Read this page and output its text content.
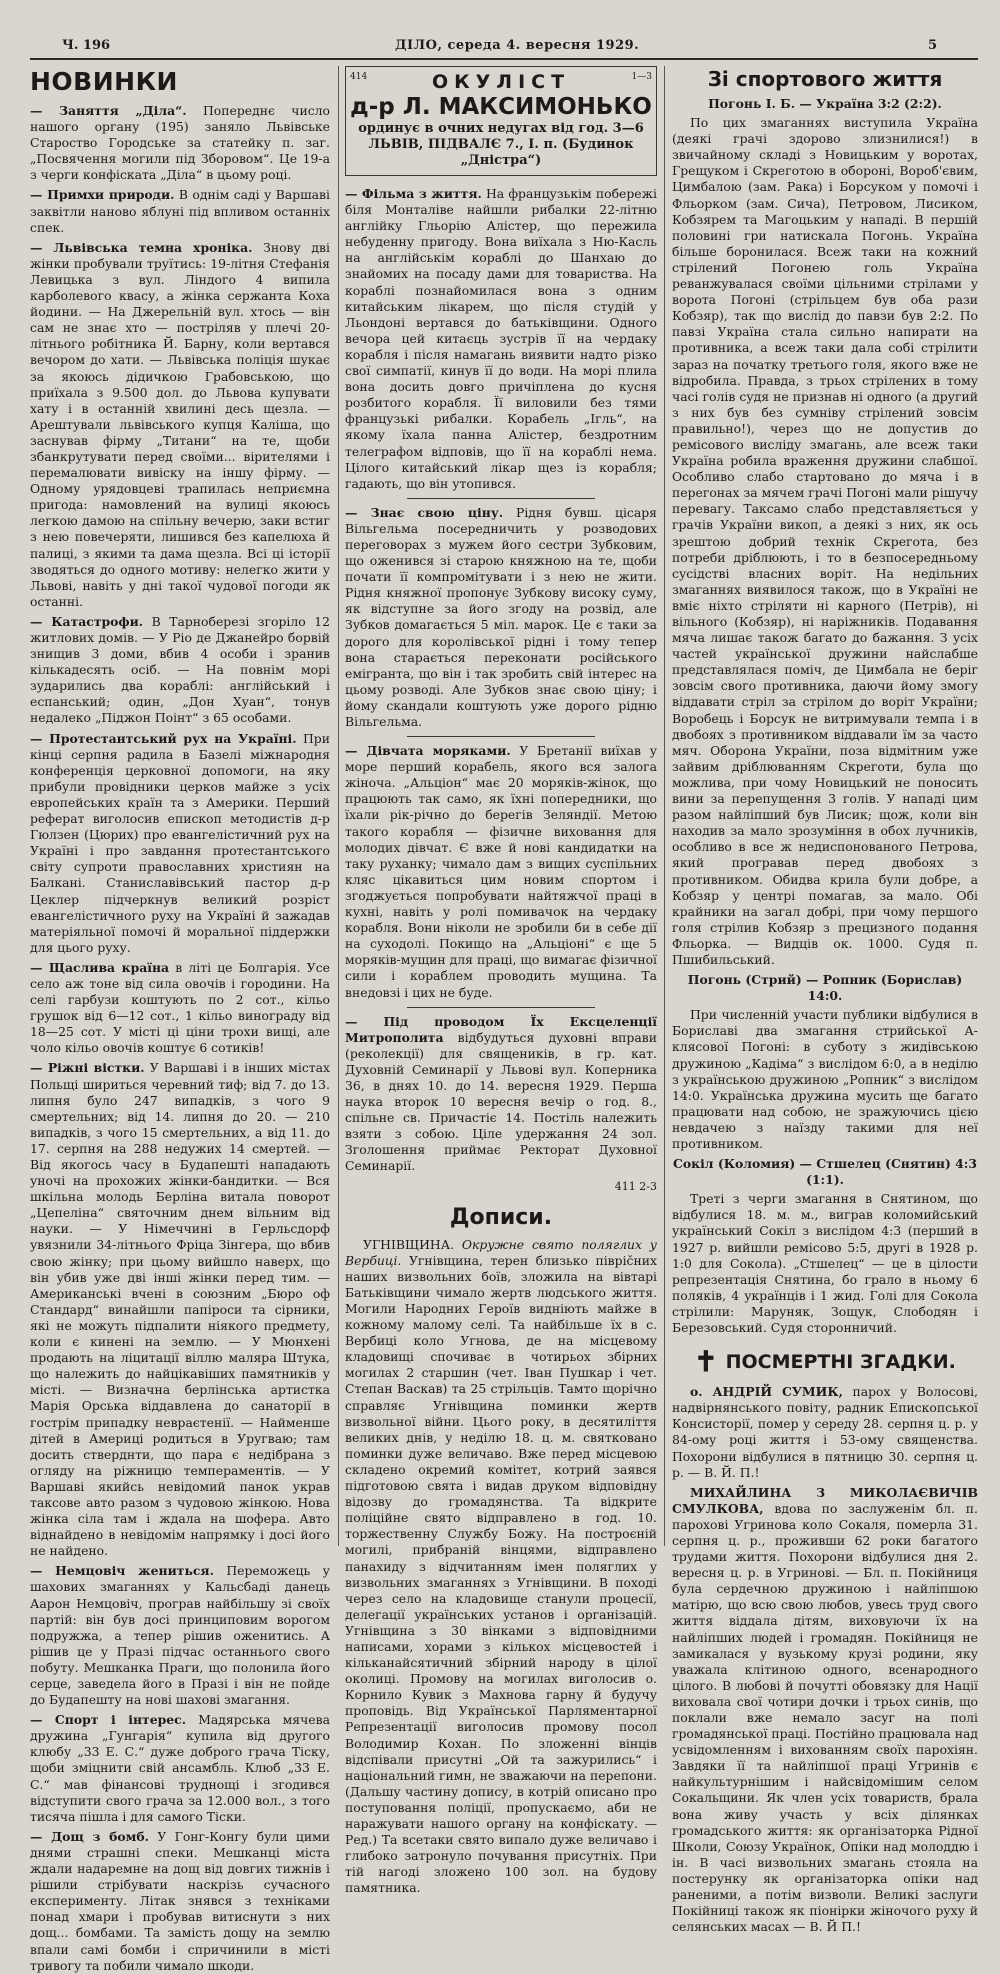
Ч. 196	ДІЛО, середа 4. вересня 1929.	5
НОВИНКИ
— Заняття „Діла“. Попереднє число нашого органу (195) заняло Львівське Староство Городське за статейку п. заг. „Посвячення могили під Зборовом“. Це 19-а з черги конфіската „Діла“ в цьому році.
— Примхи природи. В однім саді у Варшаві заквітли наново яблуні під впливом останніх спек.
— Львівська темна хроніка. Знову дві жінки пробували труїтись: 19-літня Стефанія Левицька з вул. Ліндого 4 випила карболевого квасу, а жінка сержанта Коха йодини. — На Джерельній вул. хтось — він сам не знає хто — постріляв у плечі 20-літнього робітника Й. Барну, коли вертався вечором до хати. — Львівська поліція шукає за якоюсь дідичкою Грабовською, що приїхала з 9.500 дол. до Львова купувати хату і в останній хвилині десь щезла. — Арештували львівського купця Каліша, що заснував фірму „Титани“ на те, щоби збанкрутувати перед своїми... вірителями і перемалювати вивіску на іншу фірму. — Одному урядовцеві трапилась неприємна пригода: намовлений на вулиці якоюсь легкою дамою на спільну вечерю, заки встиг з нею повечеряти, лишився без капелюха й палиці, з якими та дама щезла. Всі ці історії зводяться до одного мотиву: нелегко жити у Львові, навіть у дні такої чудової погоди як останні.
— Катастрофи. В Тарноберезі згоріло 12 житлових домів. — У Ріо де Джанейро борвій знищив 3 доми, вбив 4 особи і зранив кількадесять осіб. — На повнім морі зударились два кораблі: англійський і еспанський; один, „Дон Хуан“, тонув недалеко „Пiджон Поінт“ з 65 особами.
— Протестантський рух на Україні. При кінці серпня радила в Базелі міжнародня конференція церковної допомоги, на яку прибули провідники церков майже з усіх европейських країн та з Америки. Перший реферат виголосив епископ методистів д-р Гюлзен (Цюрих) про евангелістичний рух на Україні і про завдання протестантського світу супроти православних християн на Балканi. Станиславівський пастор д-р Цеклер підчеркнув великий розріст евангелістичного руху на Україні й зажадав матеріяльної помочі й моральної піддержки для цього руху.
— Щаслива країна в літі це Болгарія. Усе село аж тоне від сила овочів і городини. На селі гарбузи коштують по 2 сот., кільо грушок від 6—12 сот., 1 кільо винограду від 18—25 сот. У місті ці ціни трохи вищі, але чоло кільо овочів коштує 6 сотиків!
— Ріжні вістки. У Варшаві і в інших містах Польщі шириться черевний тиф; від 7. до 13. липня було 247 випадків, з чого 9 смертельних; від 14. липня до 20. — 210 випадків, з чого 15 смертельних, а від 11. до 17. серпня на 288 недужих 14 смертей. — Від якогось часу в Будапешті нападають уночі на прохожих жінки-бандитки. — Вся шкільна молодь Берліна витала поворот „Цепеліна“ святочним днем вільним від науки. — У Німеччині в Герльсдорф увязнили 34-літнього Фріца Зінгера, що вбив свою жінку; при цьому вийшло наверх, що він убив уже дві інші жінки перед тим. — Американські вчені в союзним „Бюро оф Стандард“ винайшли папіроси та сірники, які не можуть підпалити ніякого предмету, коли є кинені на землю. — У Мюнхені продають на ліцитації віллю маляра Штука, що належить до найцікавіших памятників у місті. — Визначна берлінська артистка Марія Орська віддавлена до санаторії в гострім припадку невраєтенії. — Найменше дітей в Америці родиться в Уругваю; там досить стверднти, що пара є недібрана з огляду на ріжницю темпераментів. — У Варшаві якийсь невідомий панок украв таксове авто разом з чудовою жінкою. Нова жінка сіла там і ждала на шофера. Авто віднайдено в невідомім напрямку і досі його не найдено.
— Немцовіч жениться. Перемoжець у шахових змаганнях у Кальсбаді данець Аарон Немцовіч, програв найбільшу зі своїх партій: він був досі принциповим ворогом подружжа, а тепер рішив оженитись. А рішив це у Празі підчас останнього свого побуту. Мешканка Праги, що полонила його серце, заведела його в Празі і він не пойде до Будапешту на нові шахові змагання.
— Спорт і інтерес. Мадярська мячева дружина „Гунгарія“ купила від другого клюбу „33 Е. С.“ дуже доброго грача Тіску, щоби змiцнити свій ансамбль. Клюб „33 Е. С.“ мав фінансові труднощі і згодився відступити свого грача за 12.000 вол., з того тисяча пішла і для самого Тіски.
— Дощ з бомб. У Гонг-Конгу були цими днями страшні спеки. Мешканці міста ждали надаремне на дощ від довгих тижнів і рішили стрібувати наскрізь сучасного експерименту. Літак знявся з технiками понад хмари і пробував витиснути з них дощ... бомбами. Та замість дощу на землю впали самі бомби і спричинили в місті тривогу та побили чимало шкоди.
414	1—3
ОКУЛІСТ
д-р Л. МАКСИМОНЬКО
ординує в очних недугах від год. 3—6
ЛЬВІВ, ПІДВАЛЄ 7., І. п. (Будинок „Дністра“)
— Фільма з життя. На французькім побережі біля Монталіве найшли рибалки 22-літню англійку Гльорію Алістер, що пережила небуденну пригоду. Вона виїхала з Ню-Касль на англійськім кораблі до Шанхаю до знайомих на посаду дами для товариства. На кораблі познайомилася вона з одним китайським лікарем, що після студій у Льондоні вертався до батьківщини. Одного вечора цей китаєць зустрів її на чердаку корабля і після намагань виявити надто різко свої симпатії, кинув її до води. На морі плила вона досить довго причiплена до кусня розбитого корабля. Її виловили без тями французькі рибалки. Корабель „Ігль“, на якому їхала панна Алістер, бездротним телеграфом відповів, що її на кораблі нема. Цілого китайський лікар щез із корабля; гадають, що він утопився.
— Знає свою ціну. Рідня бувш. цісаря Вільгельма посередничить у розводових переговорах з мужем його сестри Зубковим, що оженився зі старою княжною на те, щоби почати її компромітувати і з нею не жити. Рідня княжної пропонує Зубкову високу суму, як відступне за його згоду на розвід, але Зубков домагається 5 міл. марок. Це є таки за дорого для королівської рідні і тому тепер вона старається переконати російського емігранта, що він і так зробить свій інтерес на цьому розводі. Але Зубков знає свою ціну; і йому скандали коштують уже дорого рідню Вільгельма.
— Дівчата моряками. У Бретанії виїхав у море перший корабель, якого вся залога жіноча. „Альціон“ має 20 моряків-жінок, що працюють так само, як їхні попередники, що їхали рік-річно до берегів Зеляндії. Метою такого корабля — фізичне виховання для молодих дівчат. Є вже й нові кандидатки на таку руханку; чимало дам з вищих суспільних кляс цікавиться цим новим спортом і згоджується попробувати найтяжчої праці в кухні, навіть у ролі помивачок на чердаку корабля. Вони ніколи не зробили би в себе дії на суходолі. Покищо на „Альціоні“ є ще 5 моряків-мущин для праці, що вимагає фізичної сили і кораблем проводить мущина. Та внедовзі і цих не буде.
— Під проводом Їх Ексцеленції Митрополита відбудуться духовні вправи (реколекції) для священиків, в гр. кат. Духовній Семинарії у Львові вул. Коперника 36, в днях 10. до 14. вересня 1929. Перша наука второк 10 вересня вечір о год. 8., спільне св. Причастіє 14. Постіль належить взяти з собою. Ціле удержання 24 зол. Зголошення приймає Ректорат Духовної Семинарії.
411 2-3
Дописи.
УГНІВЩИНА. Окружне свято поляглих у Вербиці. Угнівщина, терен близько півріčних наших визвольних боїв, зложила на вівтарі Батьківщини чимало жертв людського життя. Могили Народних Героїв видніють майже в кожному малому селі. Та найбільше їх в с. Вербиці коло Угнова, де на місцевому кладовищі спочиває в чотирьох збірних могилах 2 старшин (чет. Іван Пушкар і чет. Степан Васкав) та 25 стрільців. Тамто щорічно справляє Угнівщина поминки жертв визвольної війни. Цього року, в десятиліття великих днів, у неділю 18. ц. м. святковано поминки дуже величаво. Вже перед місцевою складено окремий комітет, котрий заявся підготовою свята і видав друком відповідну відозву до громадянства. Та відкрите поліційне свято відправлено в год. 10. торжественну Службу Божу. На построєній могилі, прибраній вінцями, відправлено панахиду з відчитанням імен поляглих у визвольних змаганнях з Угнівщини. В поході через село на кладовище станули процесії, делегації українських установ і організацій. Угнівщина з 30 вінками з відповідними написами, хорами з кількох місцевостей і кільканайсятичний збірний народу в цілої околиці. Промову на могилах виголосив о. Корнило Кувик з Махнова гарну й будучу проповідь. Від Української Парляментарної Репрезентації виголосив промову посол Володимир Кохан. По зложенні вінців відспівали присутні „Ой та зажурились“ і національний гимн, не зважаючи на перепони. (Дальшу частину допису, в котрій описано про поступовання поліції, пропускаємо, аби не наражувати нашого органу на конфіскату. — Ред.) Та всетаки свято випало дуже величаво і глибоко затронуло почування присутніх. При тій нагоді зложено 100 зол. на будову памятника.
Зі спортового життя
Погонь І. Б. — Україна 3:2 (2:2).
По цих змаганнях виступила Україна (деякі грачі здорово злизнилися!) в звичайному складі з Новицьким у воротах, Грещуком і Скреготою в обороні, Вороб'євим, Цимбалою (зам. Рака) і Борсуком у помочі і Фльорком (зам. Сича), Петровом, Лисиком, Кобзярем та Магоцьким у нападі. В першій половині гри натискала Погонь. Україна більше боронилася. Всеж таки на кожний стрілений Погонею голь Україна реванжувалася своїми цільними стрілами у ворота Погоні (стрільцем був оба рази Кобзяр), так що вислід до павзи був 2:2. По павзі Україна стала сильно напирати на противника, а всеж таки дала собі стрілити зараз на початку третього голя, якого вже не відробила. Правда, з трьох стрілених в тому часі голів судя не признав ні одного (а другий з них був без сумніву стрілений зовсім правильно!), через що не допустив до ремісового висліду змагань, але всеж таки Україна робила враження дружини слабшої. Особливо слабо стартовано до мяча і в перегонах за мячем грачі Погоні мали рішучу перевагу. Таксамо слабо представляється у грачів України викоп, а деякі з них, як ось зрештою добрий технік Скрегота, без потреби дріблюють, і то в безпосередньому сусідстві власних воріт. На недільних змаганнях виявилося також, що в Україні не вміє ніхто стріляти ні карного (Петрів), ні вільного (Кобзяр), ні наріжників. Подавання мяча лишає також багато до бажання. З усіх частей української дружини найслабше представлялася поміч, де Цимбала не берiг зовсім свого противника, даючи йому змогу віддавати стріл за стрілом до воріт України; Воробець і Борсук не витримували темпа і в двобоях з противником віддавали їм за часто мяч. Оборона України, поза відмітним уже зайвим дріблюванням Скреготи, була що можлива, при чому Новицький не поносить вини за перепущення 3 голів. У нападі цим разом найліпший був Лисик; щож, коли він находив за мало зрозуміння в обох лучників, особливо в все ж недиспонованого Петрова, який програвав перед двобоях з противником. Обидва крила були добре, а Кобзяр у центрі помагав, за мало. Обі крайники на загал добрі, при чому першого голя стрілив Кобзяр з прецизного подання Фльорка. — Видців ок. 1000. Судя п. Пшибильський.
Погонь (Стрий) — Ропник (Борислав) 14:0.
При численній участи публики відбулися в Бориславі два змагання стрийської А-клясової Погоні: в суботу з жидівською дружиною „Кадіма“ з вислідом 6:0, а в неділю з українською дружиною „Ропник“ з вислідом 14:0. Українська дружина мусить ще багато працювати над собою, не зражуючись цією невдачею з наїзду такими для неї противником.
Сокіл (Коломия) — Стшелец (Снятин) 4:3 (1:1).
Треті з черги змагання в Снятином, що відбулися 18. м. м., виграв коломийський український Сокіл з вислідом 4:3 (перший в 1927 р. вийшли ремісово 5:5, другі в 1928 р. 1:0 для Сокола). „Стшелец“ — це в цілости репрезентація Снятина, бо грало в ньому 6 поляків, 4 українців і 1 жид. Голі для Сокола стрілили: Маруняк, Зощук, Слободян і Березовський. Судя сторонничий.
✝ ПОСМЕРТНІ ЗГАДКИ.
о. АНДРІЙ СУМИК, парох у Волосові, надвірнянського повіту, радник Епископської Консисторії, помер у середу 28. серпня ц. р. у 84-ому році життя і 53-ому священства. Похорони відбулися в пятницю 30. серпня ц. р. — В. Й. П.!
МИХАЙЛИНА З МИКОЛАЄВИЧІВ СМУЛКОВА, вдова по заслуженім бл. п. парохові Угринова коло Сокаля, померла 31. серпня ц. р., проживши 62 роки багатого трудами життя. Похорони відбулися дня 2. вересня ц. р. в Угринові. — Бл. п. Покійниця була сердечною дружиною і найліпшою матірю, що всю свою любов, увесь труд свого життя віддала дітям, виховуючи їх на найліпших людей і громадян. Покійниця не замикалася у вузькому крузі родини, яку уважала клітиною одного, всенародного цілого. В любові й почутті обовязку для Нації виховала свої чотири дочки і трьох синів, що поклали вже немало засуг на полі громадянської праці. Постійно працювала над усвідомленням і вихованням своїх парохіян. Завдяки її та найліпшої праці Угринів є найкультурнішим і найсвідомішим селом Сокальщини. Як член усіх товариств, брала вона живу участь у всіх ділянках громадського життя: як організаторка Рідної Школи, Союзу Українок, Опіки над молоддю і ін. В часі визвольних змагань стояла на постерунку як організаторка опіки над раненими, а потім визволи. Великі заслуги Покійниці також як піонірки жіночого руху й селянських масах — В. Й П.!
